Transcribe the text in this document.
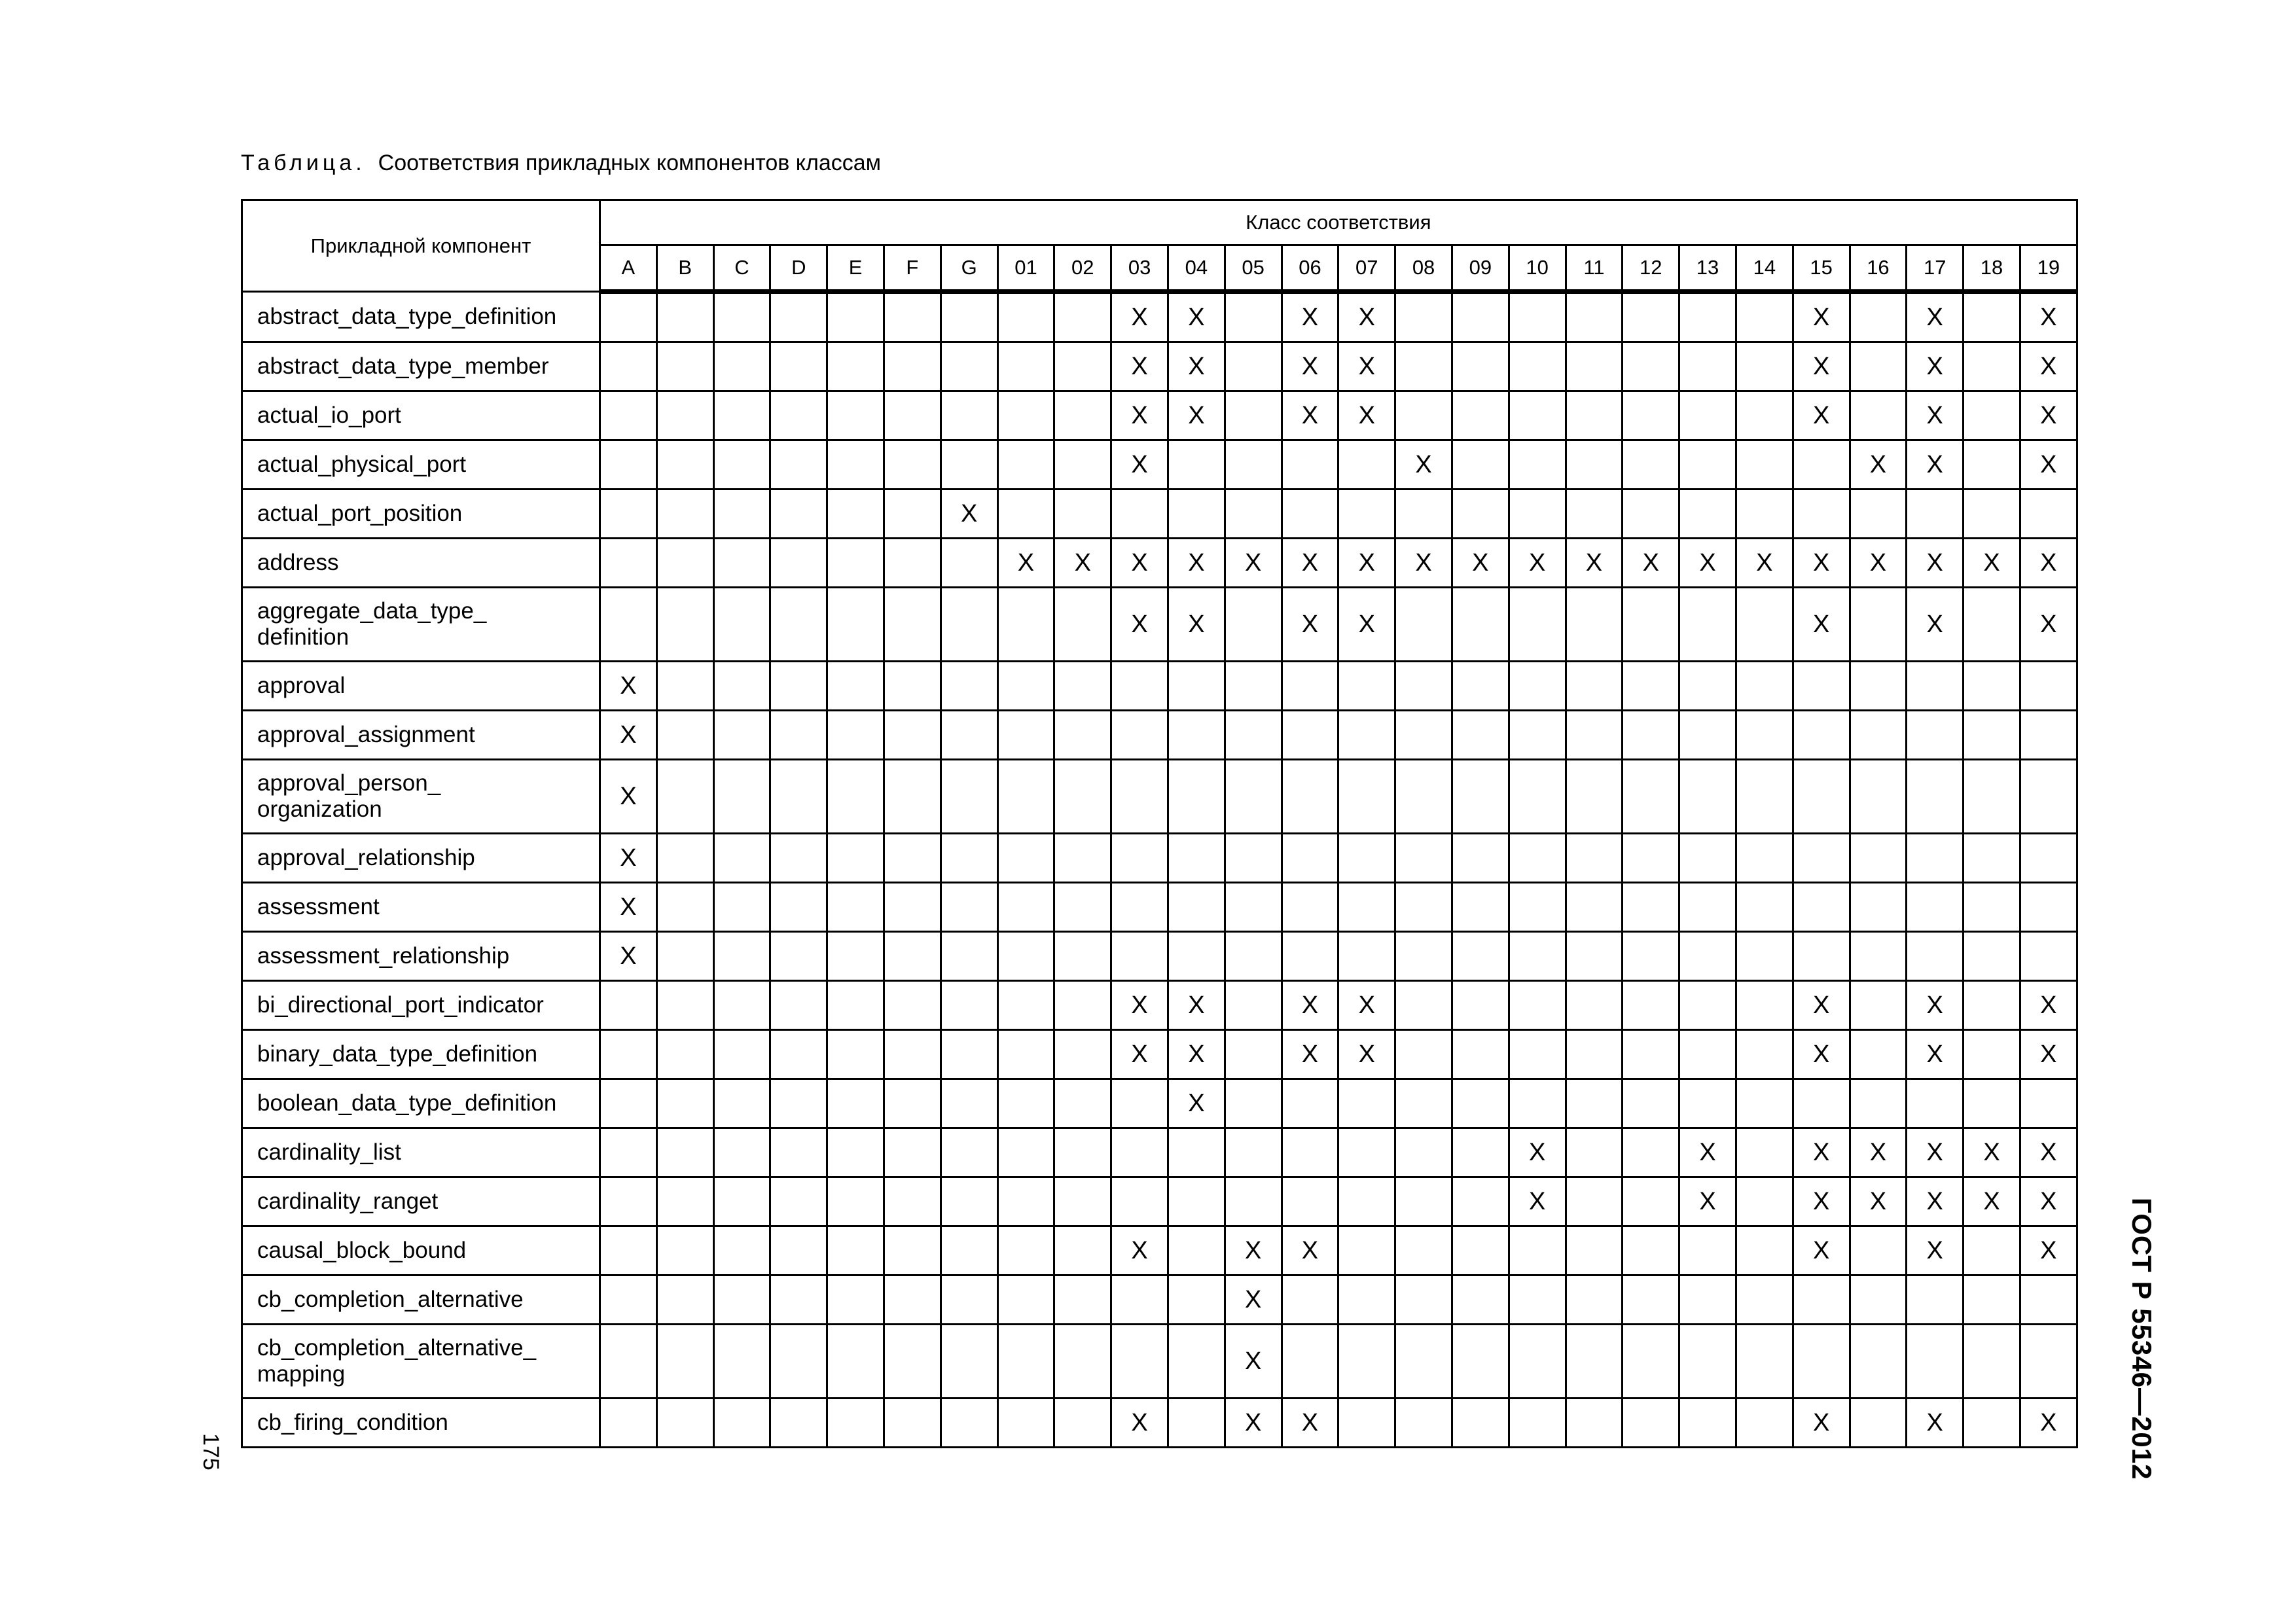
Таблица. Соответствия прикладных компонентов классам
Прикладной компонент	Класс соответствия																									
	A	B	C	D	E	F	G	01	02	03	04	05	06	07	08	09	10	11	12	13	14	15	16	17	18	19
abstract_data_type_definition										X	X		X	X								X		X		X
abstract_data_type_member										X	X		X	X								X		X		X
actual_io_port										X	X		X	X								X		X		X
actual_physical_port										X					X								X	X		X
actual_port_position							X																			
address								X	X	X	X	X	X	X	X	X	X	X	X	X	X	X	X	X	X	X

aggregate_data_type_
definition										X	X		X	X								X		X		X
approval	X																									
approval_assignment	X																									

approval_person_
organization	X																									
approval_relationship	X																									
assessment	X																									
assessment_relationship	X																									
bi_directional_port_indicator										X	X		X	X								X		X		X
binary_data_type_definition										X	X		X	X								X		X		X
boolean_data_type_definition											X															
cardinality_list																	X			X		X	X	X	X	X
cardinality_ranget																	X			X		X	X	X	X	X
causal_block_bound										X		X	X									X		X		X
cb_completion_alternative												X														

cb_completion_alternative_
mapping												X														
cb_firing_condition										X		X	X									X		X		X	ГОСТ Р 55346—2012
175
